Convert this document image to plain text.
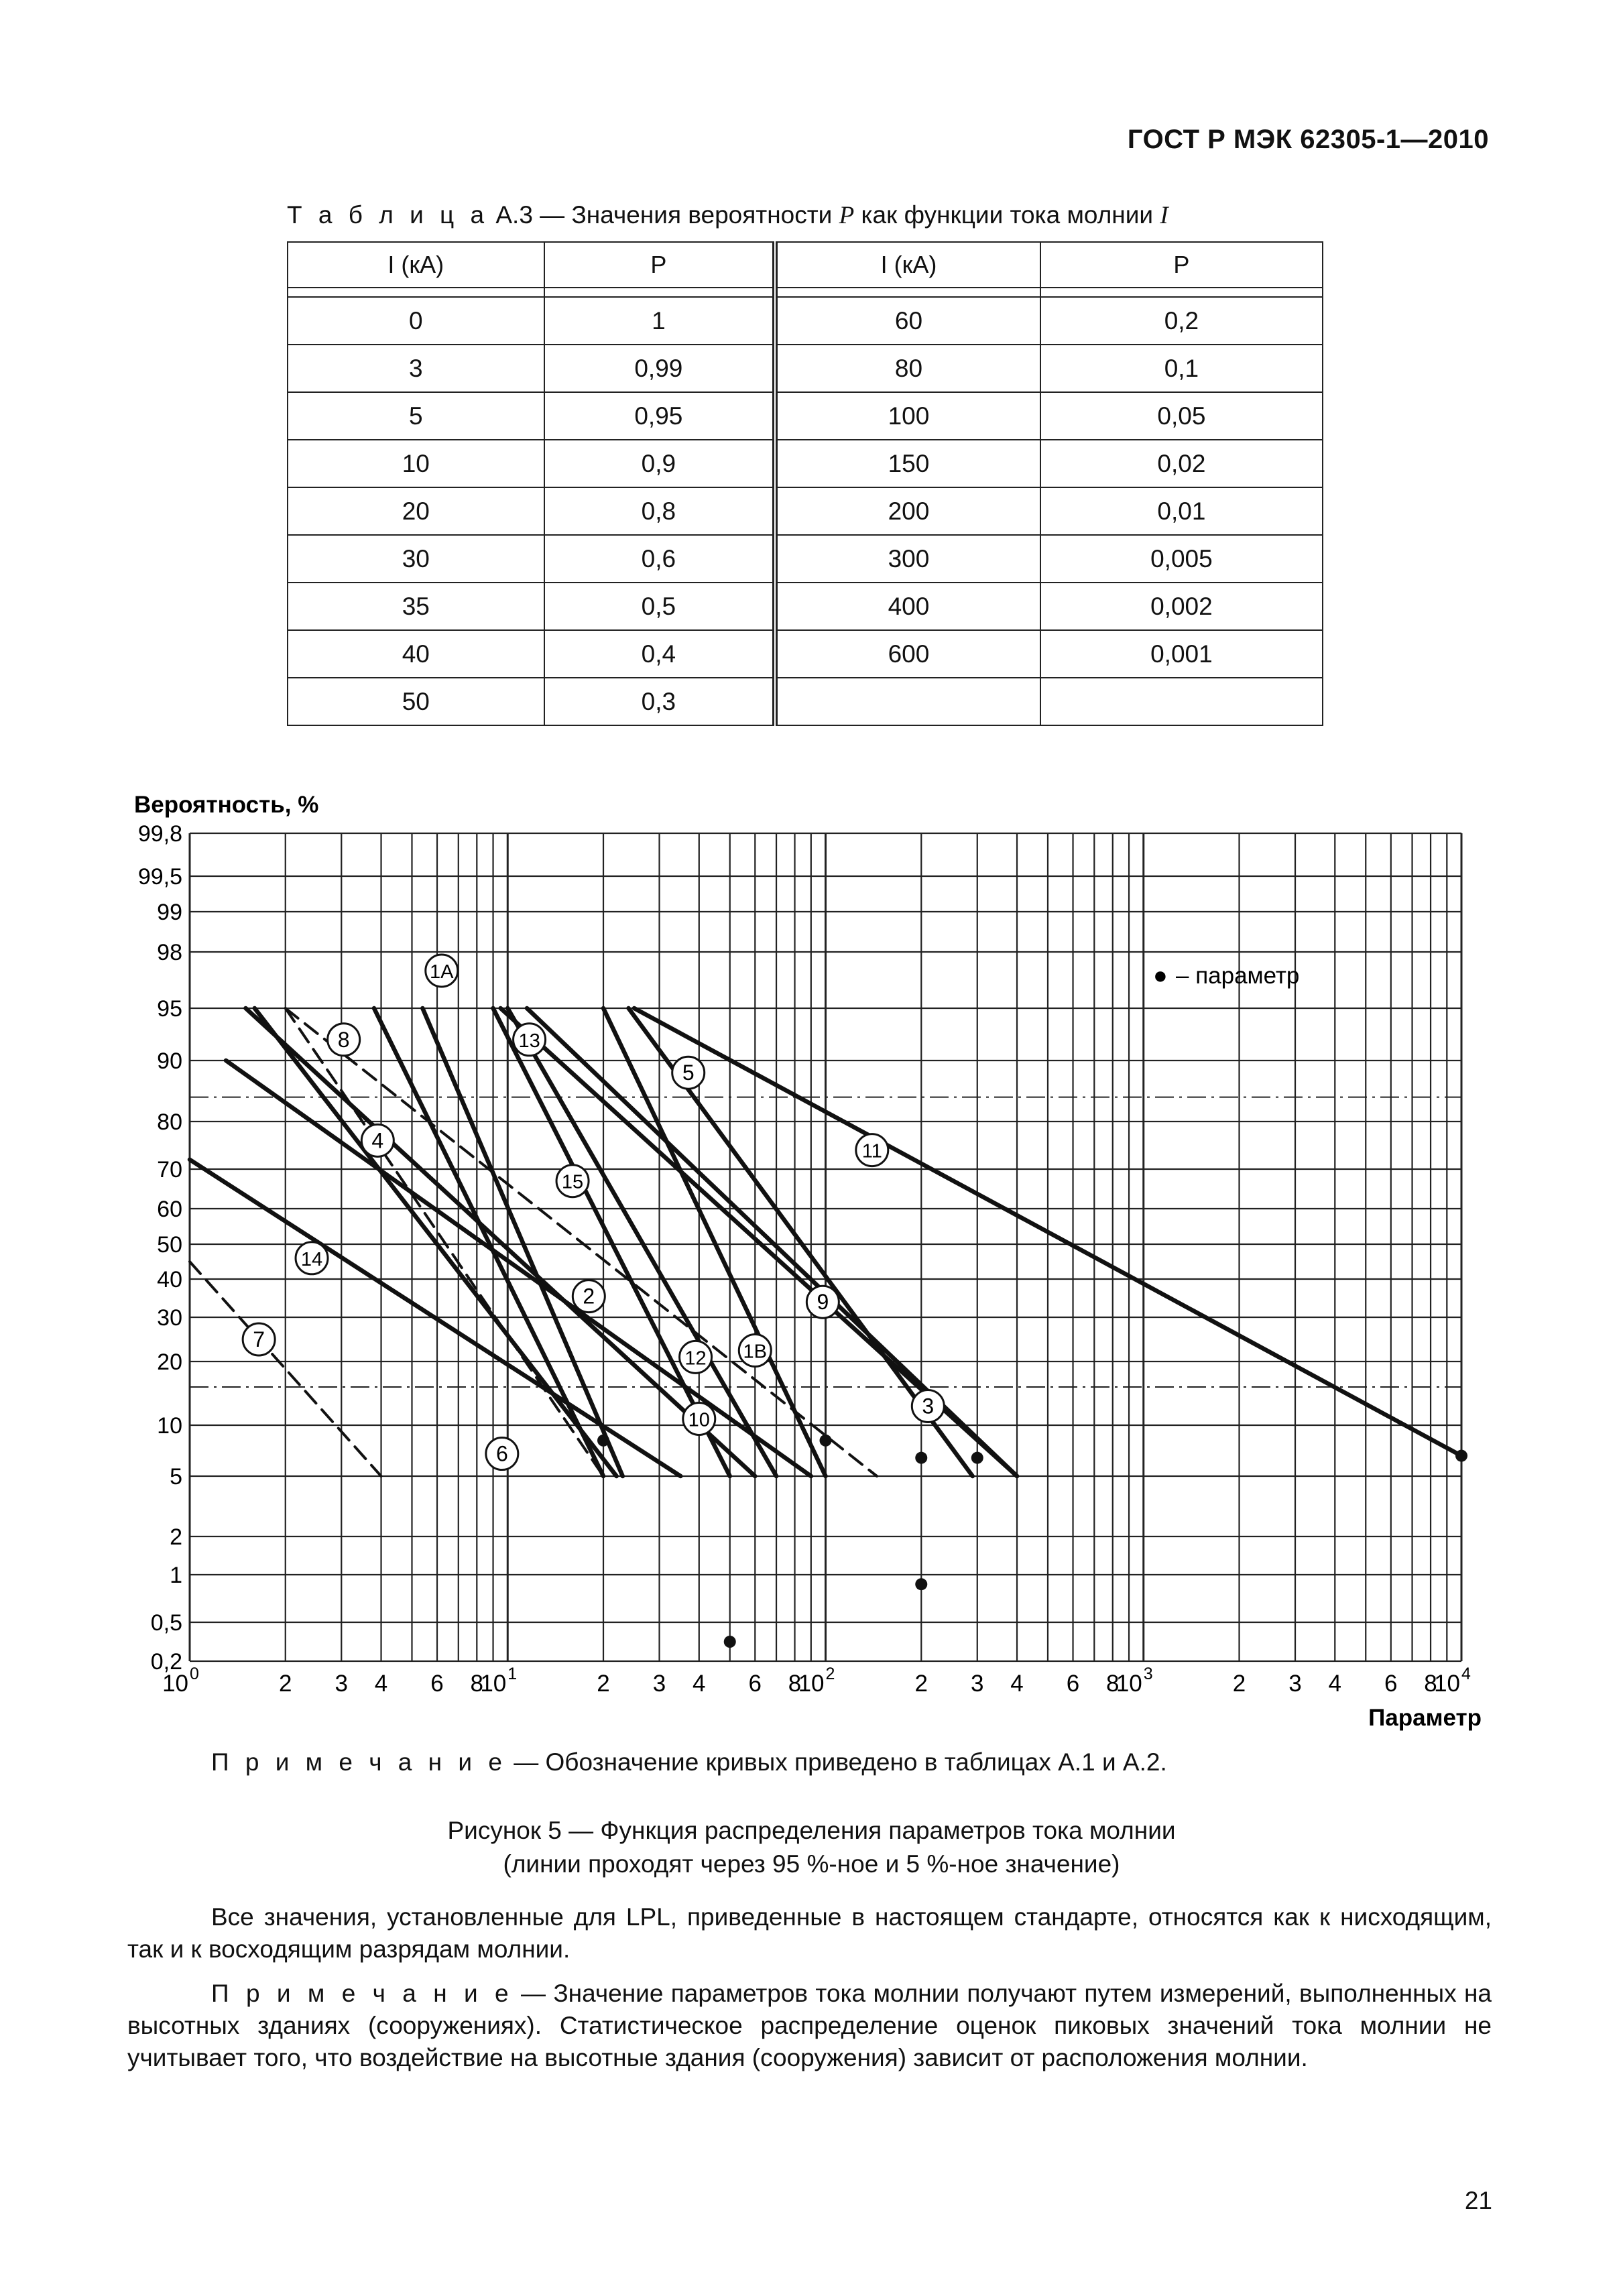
ГОСТ Р МЭК 62305-1—2010
Т а б л и ц а А.3 — Значения вероятности P как функции тока молнии I
I (кА)	P	I (кА)	P

0	1	60	0,2
3	0,99	80	0,1
5	0,95	100	0,05
10	0,9	150	0,02
20	0,8	200	0,01
30	0,6	300	0,005
35	0,5	400	0,002
40	0,4	600	0,001
50	0,3		
Вероятность, %
Параметр
1A
1B
2
3
4
5
6
7
8
9
10
11
12
13
14
15
0,2
0,5
1
2
5
10
20
30
40
50
60
70
80
90
95
98
99
99,5
99,8
10 0	2 3 4 6 8
10 1	2 3 4 6 8
10 2	2 3 4 6 8
10 3	2 3 4 6 8
10 4
● – параметр
П р и м е ч а н и е — Обозначение кривых приведено в таблицах А.1 и А.2.
Рисунок 5 — Функция распределения параметров тока молнии
(линии проходят через 95 %-ное и 5 %-ное значение)
Все значения, установленные для LPL, приведенные в настоящем стандарте, относятся как к нисходящим, так и к восходящим разрядам молнии.
П р и м е ч а н и е — Значение параметров тока молнии получают путем измерений, выполненных на высотных зданиях (сооружениях). Статистическое распределение оценок пиковых значений тока молнии не учитывает того, что воздействие на высотные здания (сооружения) зависит от расположения молнии.
21
